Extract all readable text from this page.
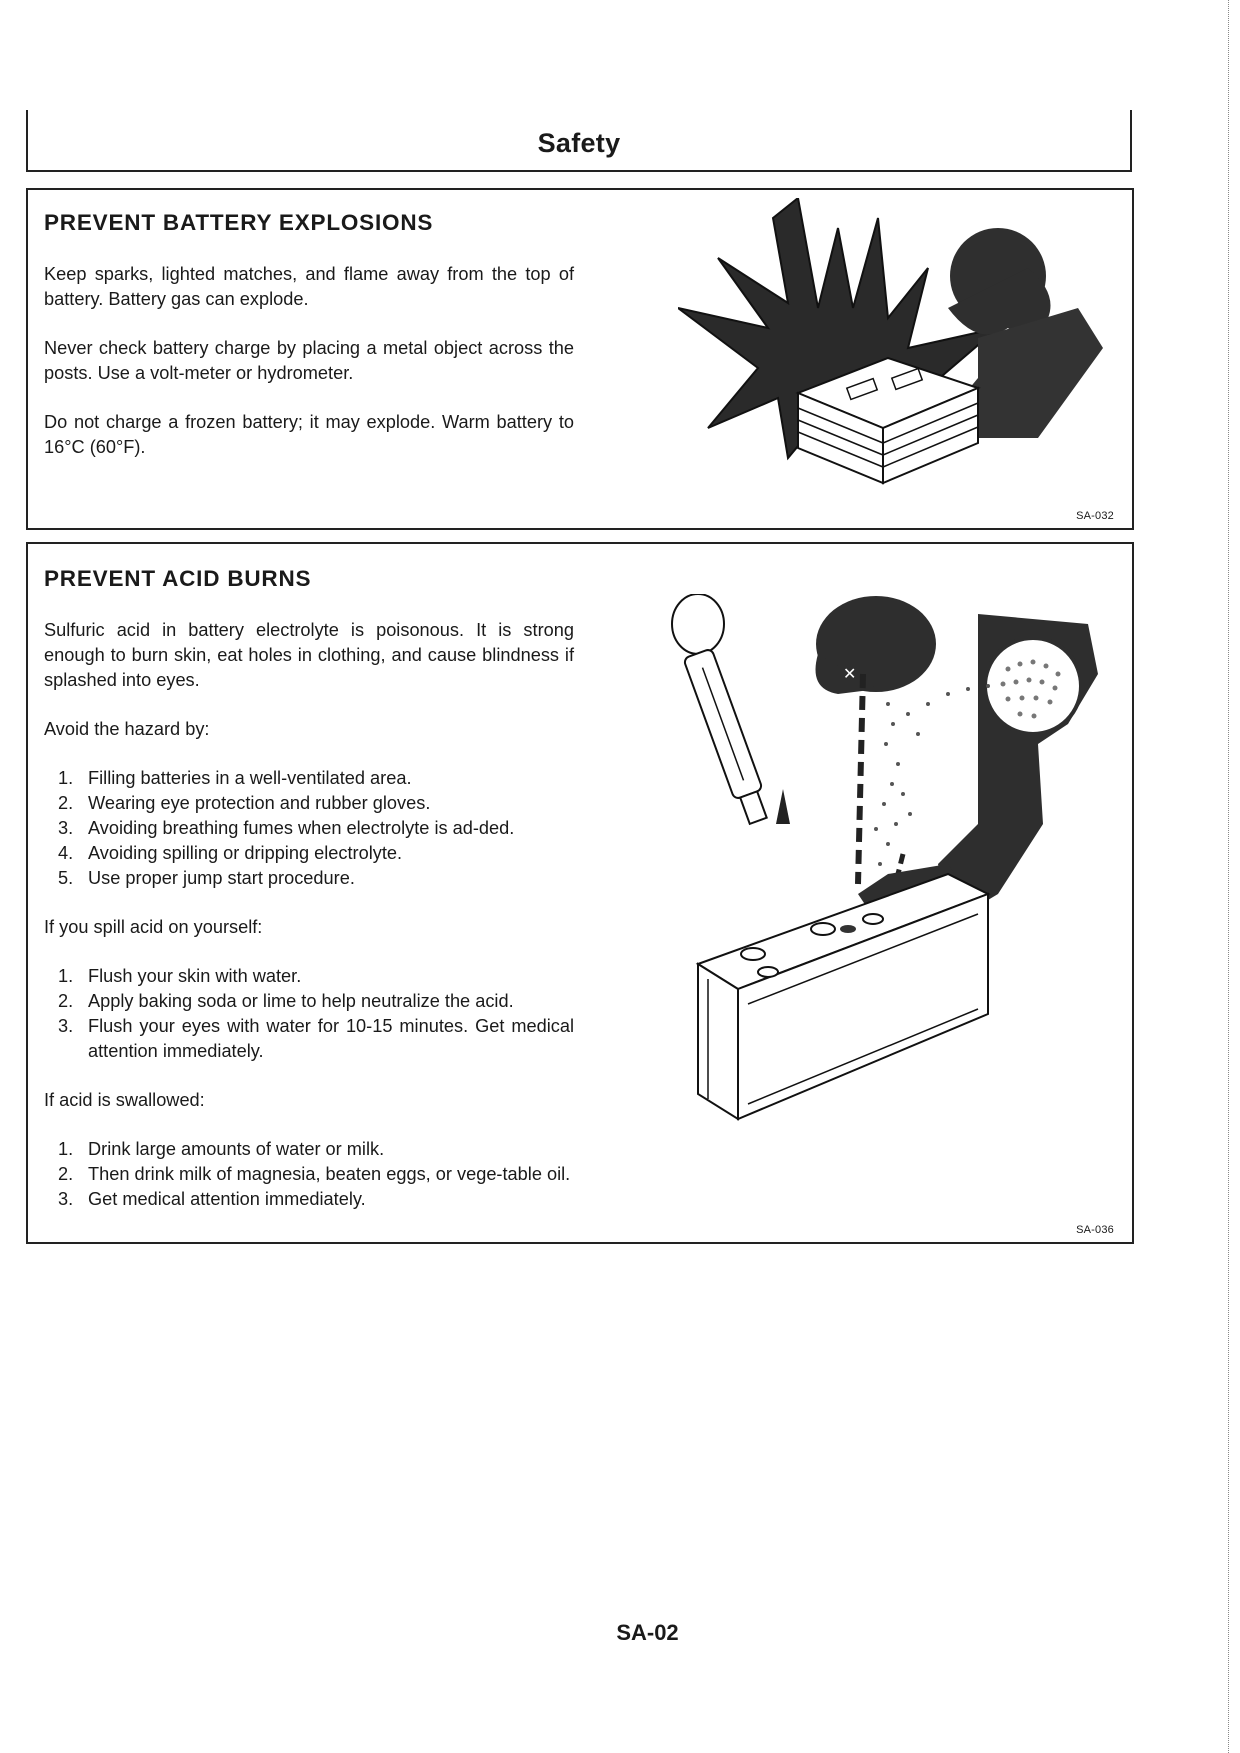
Safety
PREVENT BATTERY EXPLOSIONS

Keep sparks, lighted matches, and flame away from the top of battery. Battery gas can explode.

Never check battery charge by placing a metal object across the posts. Use a volt-meter or hydrometer.

Do not charge a frozen battery; it may explode. Warm battery to 16°C (60°F).

SA-032
PREVENT ACID BURNS

Sulfuric acid in battery electrolyte is poisonous. It is strong enough to burn skin, eat holes in clothing, and cause blindness if splashed into eyes.

Avoid the hazard by:

1. Filling batteries in a well-ventilated area.
2. Wearing eye protection and rubber gloves.
3. Avoiding breathing fumes when electrolyte is ad-ded.
4. Avoiding spilling or dripping electrolyte.
5. Use proper jump start procedure.

If you spill acid on yourself:

1. Flush your skin with water.
2. Apply baking soda or lime to help neutralize the acid.
3. Flush your eyes with water for 10-15 minutes. Get medical attention immediately.

If acid is swallowed:

1. Drink large amounts of water or milk.
2. Then drink milk of magnesia, beaten eggs, or vege-table oil.
3. Get medical attention immediately.
✕
SA-036
SA-02
